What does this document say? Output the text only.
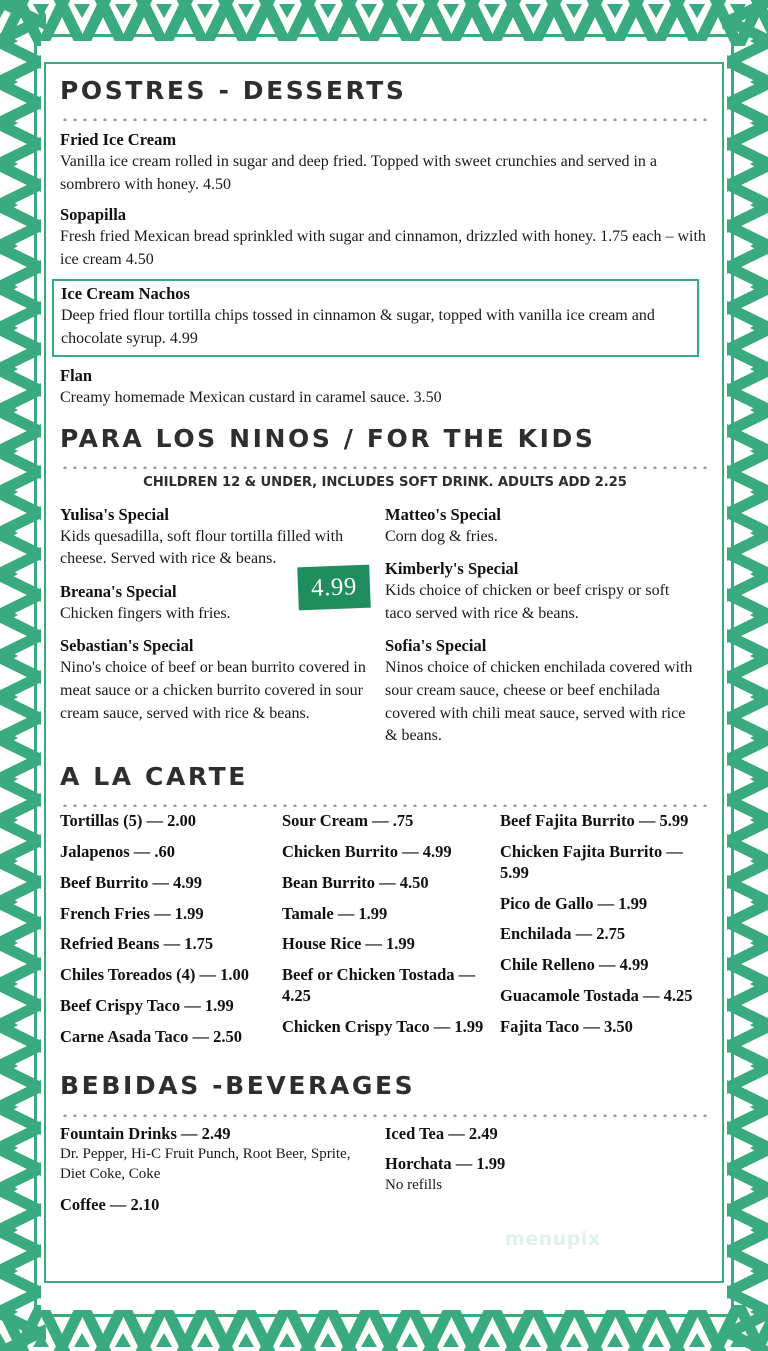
POSTRES - DESSERTS
Fried Ice Cream
Vanilla ice cream rolled in sugar and deep fried. Topped with sweet crunchies and served in a sombrero with honey. 4.50
Sopapilla
Fresh fried Mexican bread sprinkled with sugar and cinnamon, drizzled with honey. 1.75 each – with ice cream 4.50
Ice Cream Nachos
Deep fried flour tortilla chips tossed in cinnamon & sugar, topped with vanilla ice cream and chocolate syrup. 4.99
Flan
Creamy homemade Mexican custard in caramel sauce. 3.50
PARA LOS NINOS / FOR THE KIDS
CHILDREN 12 & UNDER, INCLUDES SOFT DRINK. ADULTS ADD 2.25
Yulisa's Special
Kids quesadilla, soft flour tortilla filled with cheese. Served with rice & beans.
Breana's Special
Chicken fingers with fries.
Sebastian's Special
Nino's choice of beef or bean burrito covered in meat sauce or a chicken burrito covered in sour cream sauce, served with rice & beans.
Matteo's Special
Corn dog & fries.
Kimberly's Special
Kids choice of chicken or beef crispy or soft taco served with rice & beans.
Sofia's Special
Ninos choice of chicken enchilada covered with sour cream sauce, cheese or beef enchilada covered with chili meat sauce, served with rice & beans.
4.99
A LA CARTE
Tortillas (5) — 2.00
Jalapenos — .60
Beef Burrito — 4.99
French Fries — 1.99
Refried Beans — 1.75
Chiles Toreados (4) — 1.00
Beef Crispy Taco — 1.99
Carne Asada Taco — 2.50
Sour Cream — .75
Chicken Burrito — 4.99
Bean Burrito — 4.50
Tamale — 1.99
House Rice — 1.99
Beef or Chicken Tostada — 4.25
Chicken Crispy Taco — 1.99
Beef Fajita Burrito — 5.99
Chicken Fajita Burrito — 5.99
Pico de Gallo — 1.99
Enchilada — 2.75
Chile Relleno — 4.99
Guacamole Tostada — 4.25
Fajita Taco — 3.50
BEBIDAS -BEVERAGES
Fountain Drinks — 2.49
Dr. Pepper, Hi-C Fruit Punch, Root Beer, Sprite, Diet Coke, Coke
Coffee — 2.10
Iced Tea — 2.49
Horchata — 1.99
No refills
menupix
